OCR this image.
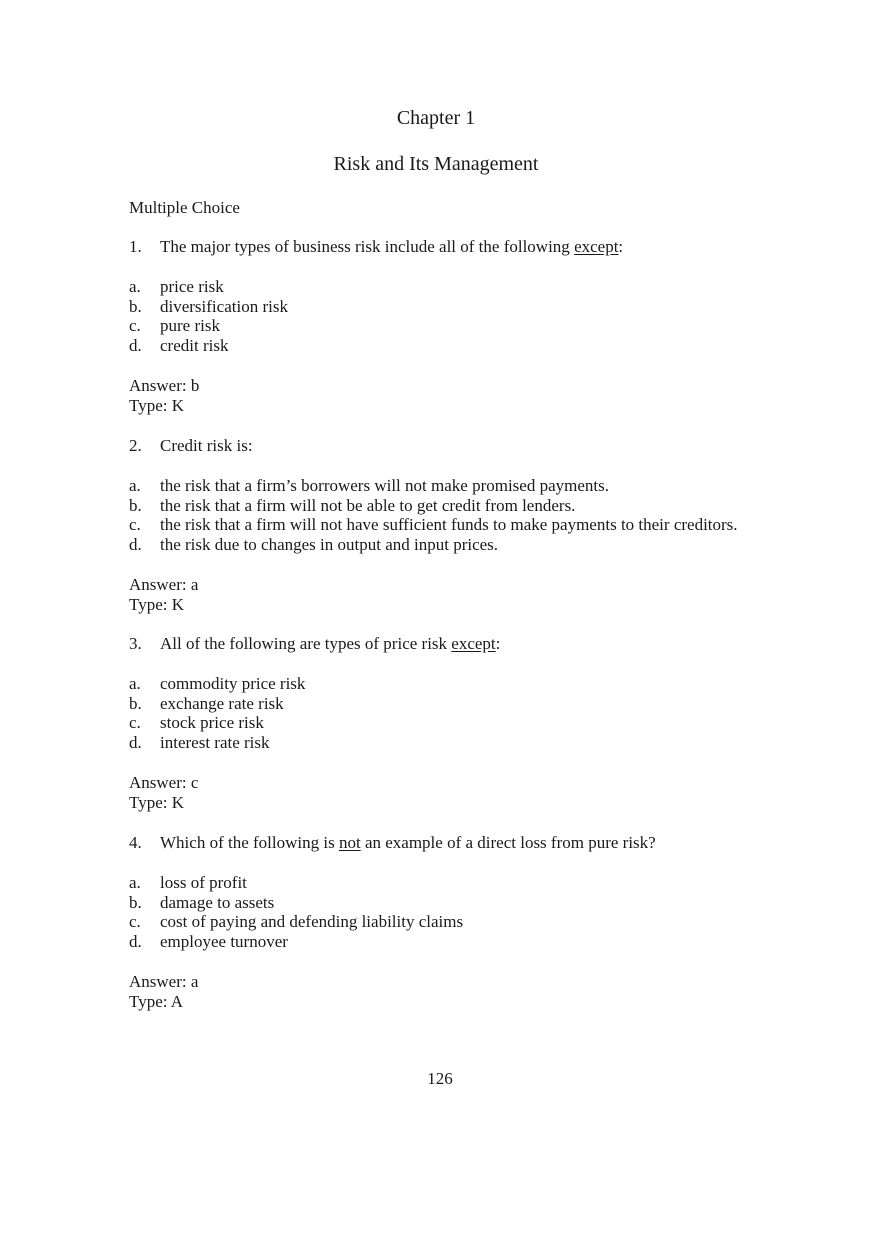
Chapter 1
Risk and Its Management
Multiple Choice
1.	The major types of business risk include all of the following except:
a.	price risk
b.	diversification risk
c.	pure risk
d.	credit risk
Answer: b
Type: K
2.	Credit risk is:
a.	the risk that a firm’s borrowers will not make promised payments.
b.	the risk that a firm will not be able to get credit from lenders.
c.	the risk that a firm will not have sufficient funds to make payments to their creditors.
d.	the risk due to changes in output and input prices.
Answer: a
Type: K
3.	All of the following are types of price risk except:
a.	commodity price risk
b.	exchange rate risk
c.	stock price risk
d.	interest rate risk
Answer: c
Type: K
4.	Which of the following is not an example of a direct loss from pure risk?
a.	loss of profit
b.	damage to assets
c.	cost of paying and defending liability claims
d.	employee turnover
Answer: a
Type: A
126
